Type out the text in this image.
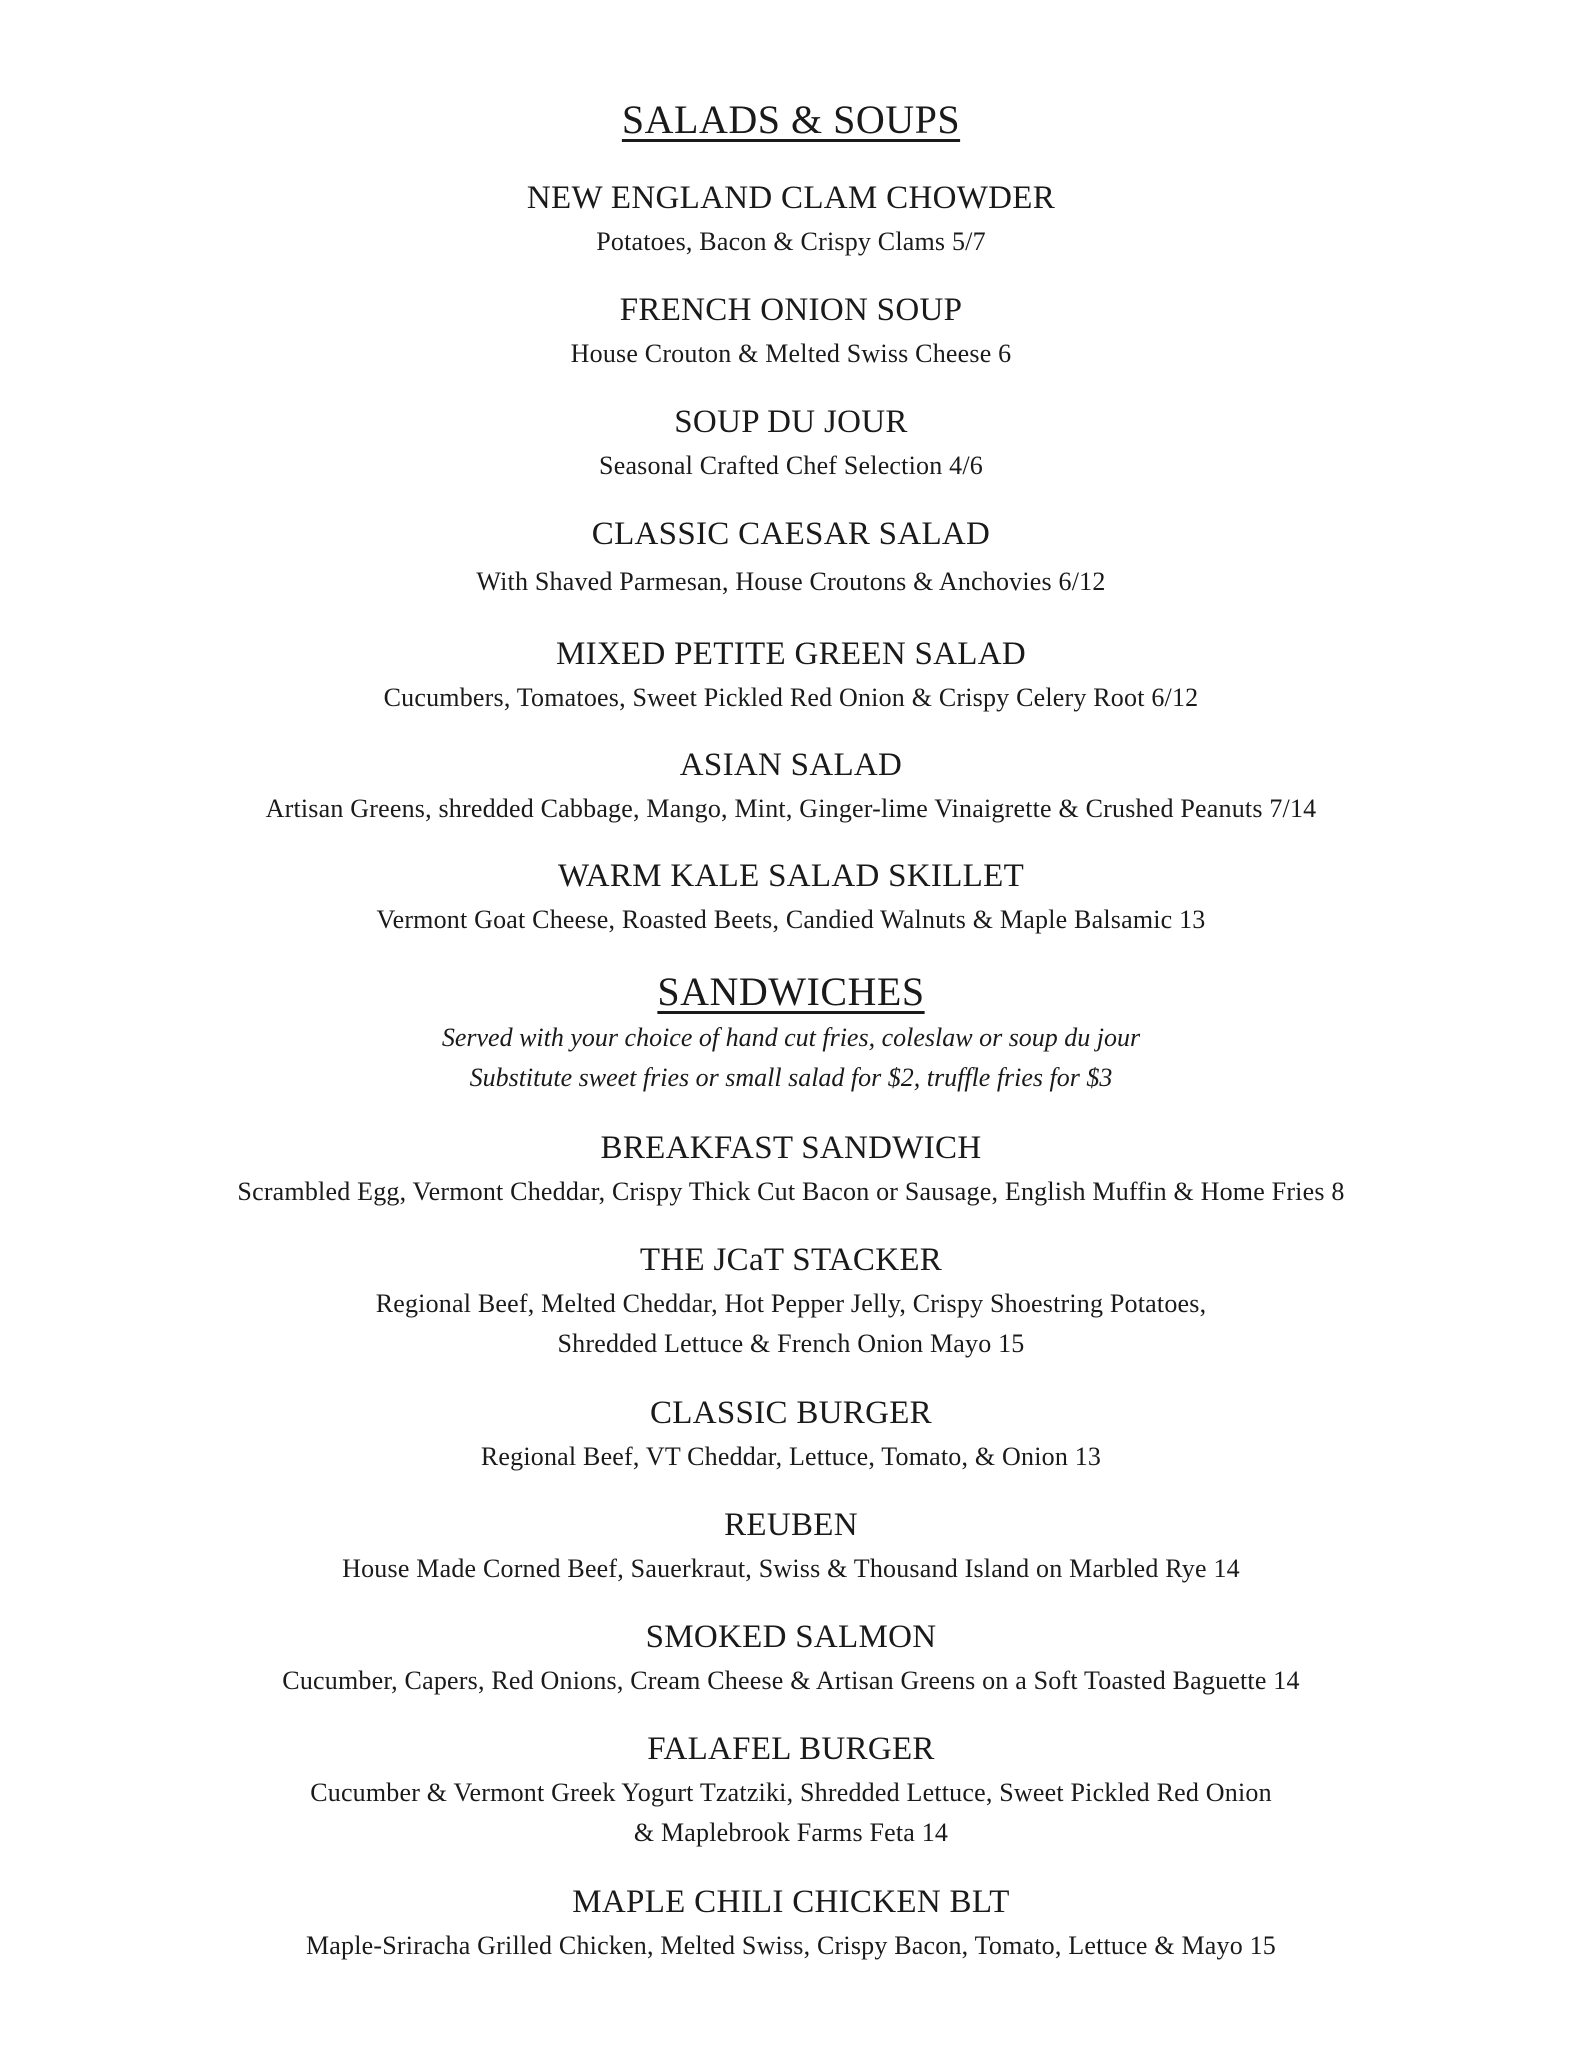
SALADS & SOUPS
NEW ENGLAND CLAM CHOWDER
Potatoes, Bacon & Crispy Clams 5/7
FRENCH ONION SOUP
House Crouton & Melted Swiss Cheese 6
SOUP DU JOUR
Seasonal Crafted Chef Selection 4/6
CLASSIC CAESAR SALAD
With Shaved Parmesan, House Croutons & Anchovies 6/12
MIXED PETITE GREEN SALAD
Cucumbers, Tomatoes, Sweet Pickled Red Onion & Crispy Celery Root 6/12
ASIAN SALAD
Artisan Greens, shredded Cabbage, Mango, Mint, Ginger-lime Vinaigrette & Crushed Peanuts 7/14
WARM KALE SALAD SKILLET
Vermont Goat Cheese, Roasted Beets, Candied Walnuts & Maple Balsamic 13
SANDWICHES
Served with your choice of hand cut fries, coleslaw or soup du jour
Substitute sweet fries or small salad for $2, truffle fries for $3
BREAKFAST SANDWICH
Scrambled Egg, Vermont Cheddar, Crispy Thick Cut Bacon or Sausage, English Muffin & Home Fries 8
THE JCaT STACKER
Regional Beef, Melted Cheddar, Hot Pepper Jelly, Crispy Shoestring Potatoes,
Shredded Lettuce & French Onion Mayo 15
CLASSIC BURGER
Regional Beef, VT Cheddar, Lettuce, Tomato, & Onion 13
REUBEN
House Made Corned Beef, Sauerkraut, Swiss & Thousand Island on Marbled Rye 14
SMOKED SALMON
Cucumber, Capers, Red Onions, Cream Cheese & Artisan Greens on a Soft Toasted Baguette 14
FALAFEL BURGER
Cucumber & Vermont Greek Yogurt Tzatziki, Shredded Lettuce, Sweet Pickled Red Onion
& Maplebrook Farms Feta 14
MAPLE CHILI CHICKEN BLT
Maple-Sriracha Grilled Chicken, Melted Swiss, Crispy Bacon, Tomato, Lettuce & Mayo 15
